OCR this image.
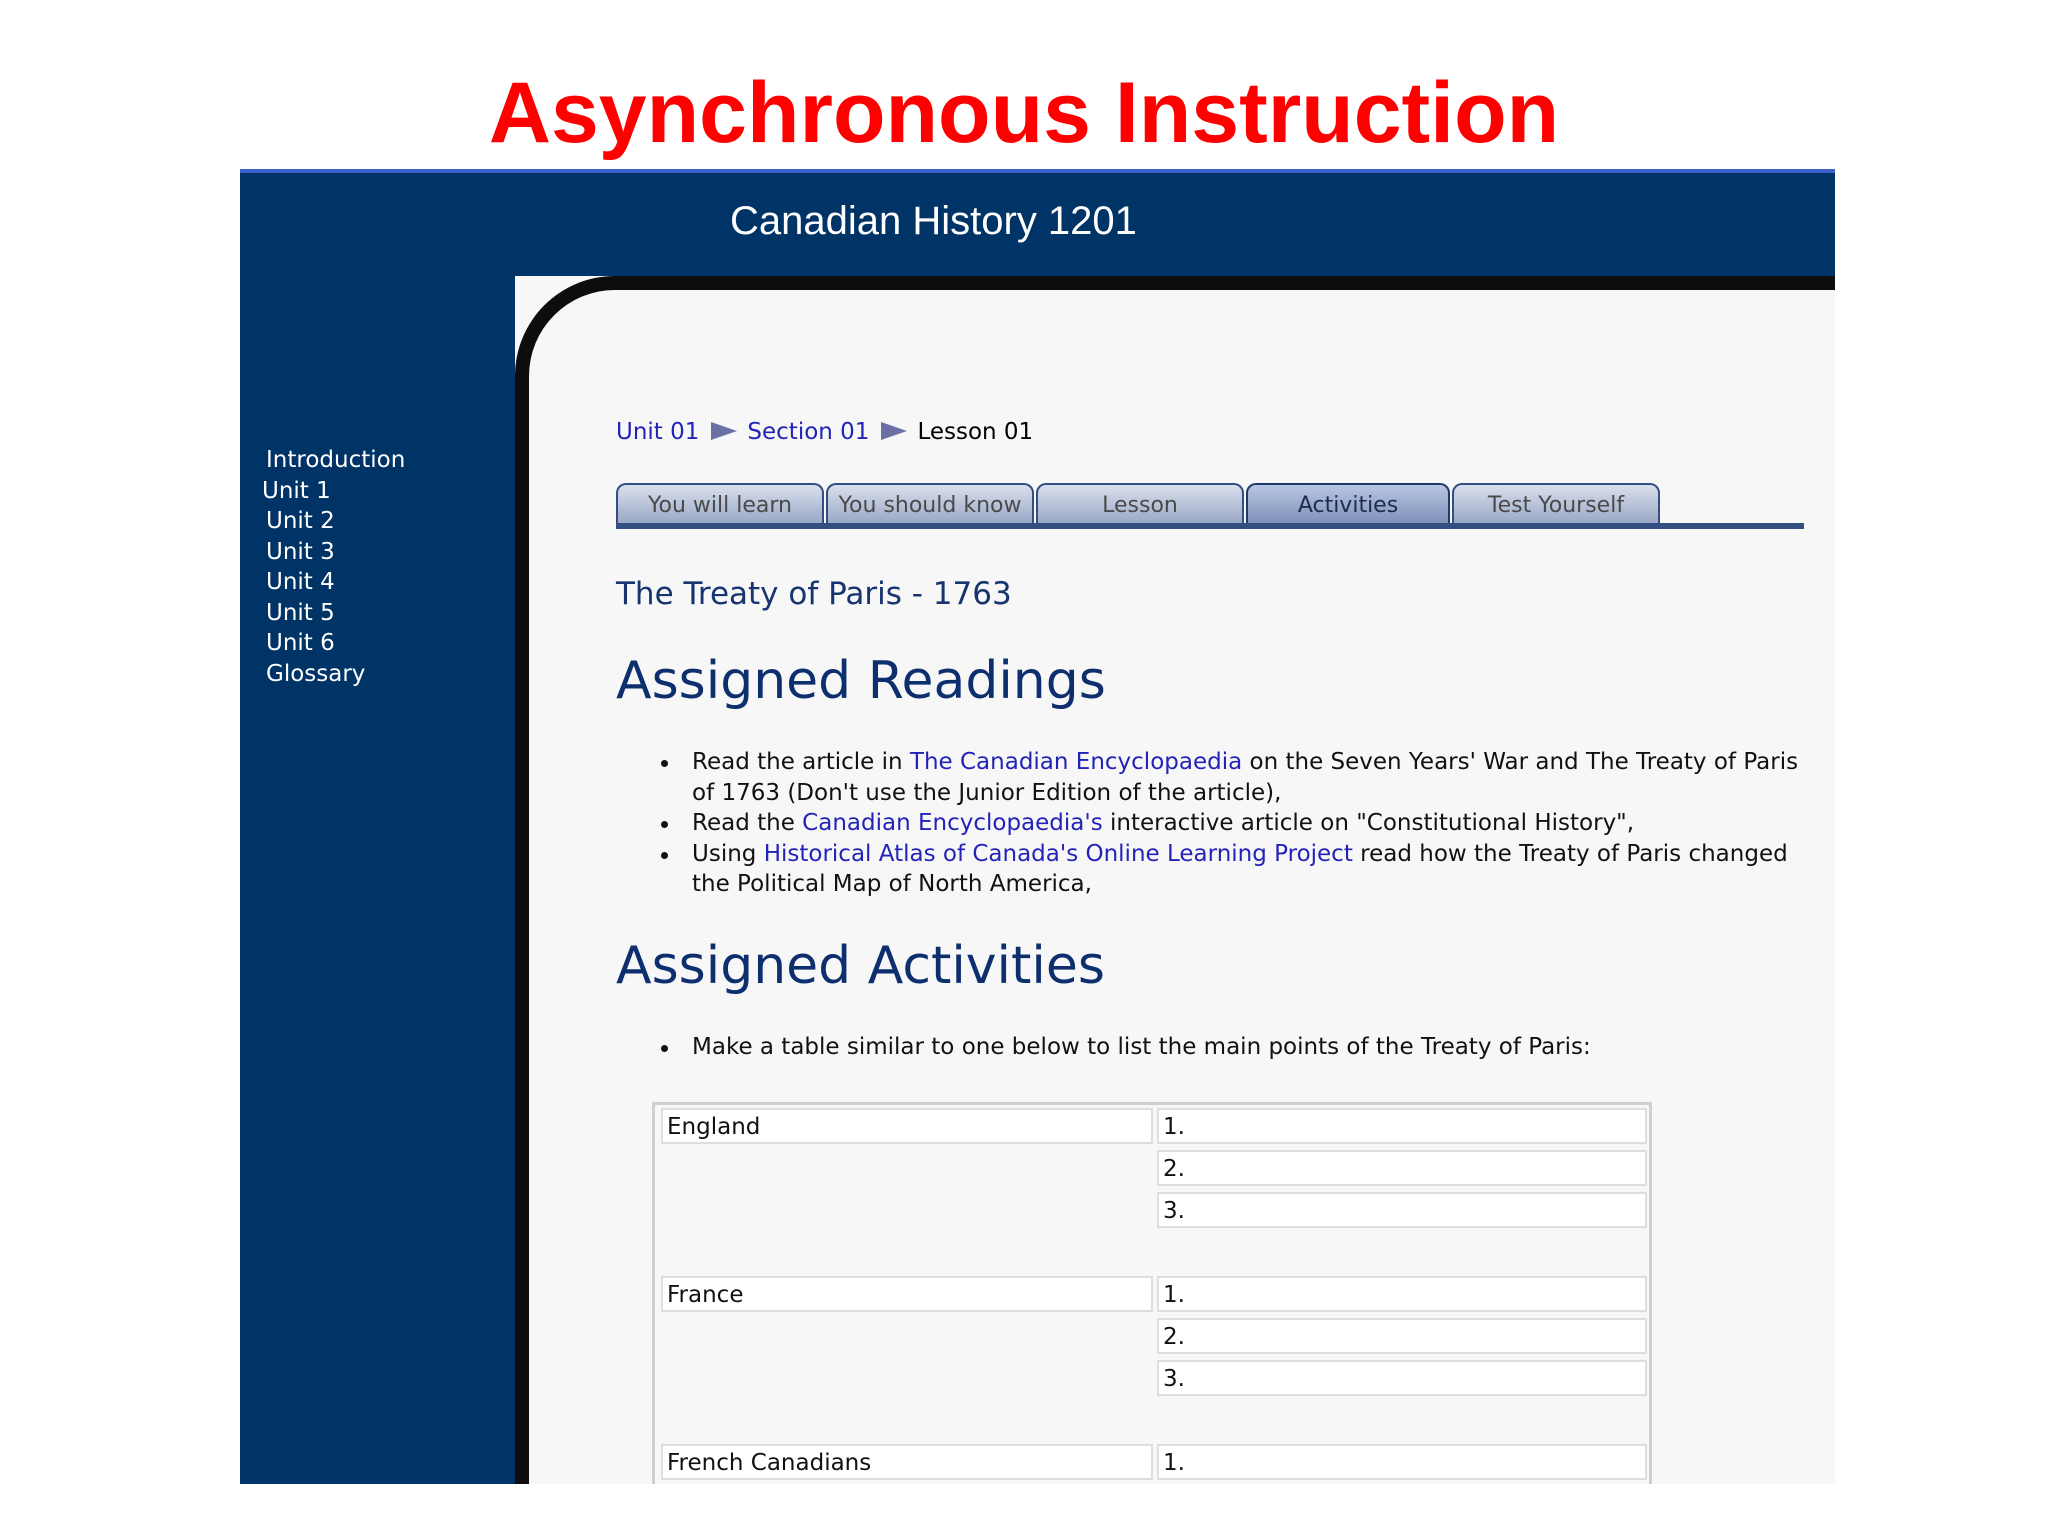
Asynchronous Instruction
Canadian History 1201
Introduction
Unit 1
Unit 2
Unit 3
Unit 4
Unit 5
Unit 6
Glossary
Unit 01 Section 01 Lesson 01
You will learn	You should know	Lesson	Activities	Test Yourself
The Treaty of Paris - 1763
Assigned Readings
Read the article in The Canadian Encyclopaedia on the Seven Years' War and The Treaty of Paris of 1763 (Don't use the Junior Edition of the article),
Read the Canadian Encyclopaedia's interactive article on "Constitutional History",
Using Historical Atlas of Canada's Online Learning Project read how the Treaty of Paris changed the Political Map of North America,
Assigned Activities
Make a table similar to one below to list the main points of the Treaty of Paris:
England	1.
2.
3.
France	1.
2.
3.
French Canadians	1.
